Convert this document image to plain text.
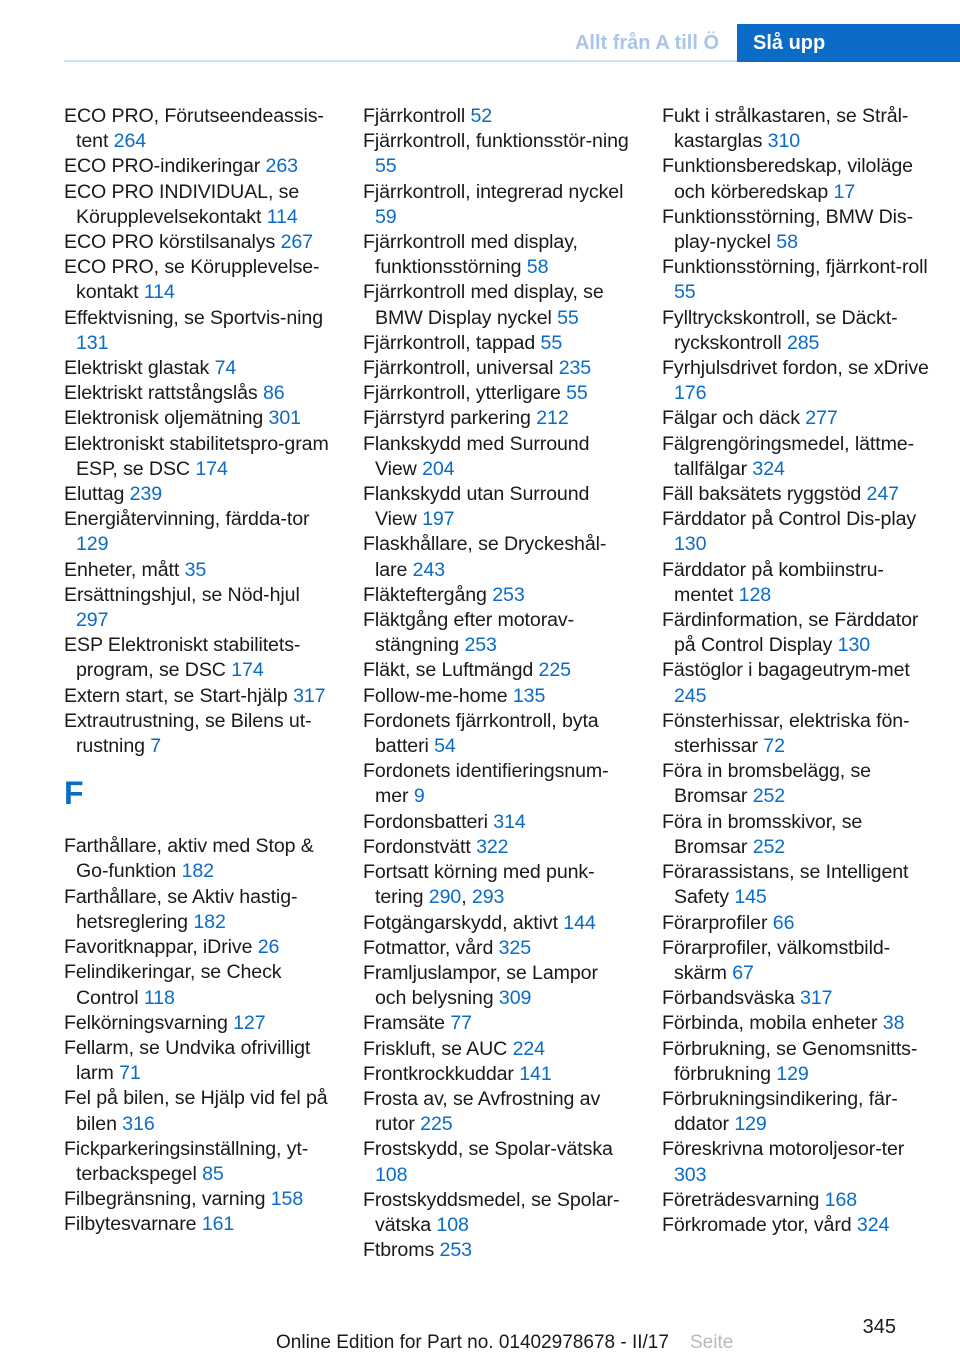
Allt från A till Ö	Slå upp
ECO PRO, Förutseendeassis‐tent 264
ECO PRO-indikeringar 263
ECO PRO INDIVIDUAL, se Körupplevelsekontakt 114
ECO PRO körstilsanalys 267
ECO PRO, se Körupplevelse‐kontakt 114
Effektvisning, se Sportvis‐ning 131
Elektriskt glastak 74
Elektriskt rattstångslås 86
Elektronisk oljemätning 301
Elektroniskt stabilitetspro‐gram ESP, se DSC 174
Eluttag 239
Energiåtervinning, färdda‐tor 129
Enheter, mått 35
Ersättningshjul, se Nöd‐hjul 297
ESP Elektroniskt stabilitets‐program, se DSC 174
Extern start, se Start‐hjälp 317
Extrautrustning, se Bilens ut‐rustning 7
F
Farthållare, aktiv med Stop & Go-funktion 182
Farthållare, se Aktiv hastig‐hetsreglering 182
Favoritknappar, iDrive 26
Felindikeringar, se Check Control 118
Felkörningsvarning 127
Fellarm, se Undvika ofrivilligt larm 71
Fel på bilen, se Hjälp vid fel på bilen 316
Fickparkeringsinställning, yt‐terbackspegel 85
Filbegränsning, varning 158
Filbytesvarnare 161
Fjärrkontroll 52
Fjärrkontroll, funktionsstör‐ning 55
Fjärrkontroll, integrerad nyckel 59
Fjärrkontroll med display, funktionsstörning 58
Fjärrkontroll med display, se BMW Display nyckel 55
Fjärrkontroll, tappad 55
Fjärrkontroll, universal 235
Fjärrkontroll, ytterligare 55
Fjärrstyrd parkering 212
Flankskydd med Surround View 204
Flankskydd utan Surround View 197
Flaskhållare, se Dryckeshål‐lare 243
Fläkteftergång 253
Fläktgång efter motorav‐stängning 253
Fläkt, se Luftmängd 225
Follow-me-home 135
Fordonets fjärrkontroll, byta batteri 54
Fordonets identifieringsnum‐mer 9
Fordonsbatteri 314
Fordonstvätt 322
Fortsatt körning med punk‐tering 290, 293
Fotgängarskydd, aktivt 144
Fotmattor, vård 325
Framljuslampor, se Lampor och belysning 309
Framsäte 77
Friskluft, se AUC 224
Frontkrockkuddar 141
Frosta av, se Avfrostning av rutor 225
Frostskydd, se Spolar‐vätska 108
Frostskyddsmedel, se Spolar‐vätska 108
Ftbroms 253
Fukt i strålkastaren, se Strål‐kastarglas 310
Funktionsberedskap, viloläge och körberedskap 17
Funktionsstörning, BMW Dis‐play-nyckel 58
Funktionsstörning, fjärrkont‐roll 55
Fylltryckskontroll, se Däckt‐ryckskontroll 285
Fyrhjulsdrivet fordon, se xDrive 176
Fälgar och däck 277
Fälgrengöringsmedel, lättme‐tallfälgar 324
Fäll baksätets ryggstöd 247
Färddator på Control Dis‐play 130
Färddator på kombiinstru‐mentet 128
Färdinformation, se Färddator på Control Display 130
Fästöglor i bagageutrym‐met 245
Fönsterhissar, elektriska fön‐sterhissar 72
Föra in bromsbelägg, se Bromsar 252
Föra in bromsskivor, se Bromsar 252
Förarassistans, se Intelligent Safety 145
Förarprofiler 66
Förarprofiler, välkomstbild‐skärm 67
Förbandsväska 317
Förbinda, mobila enheter 38
Förbrukning, se Genomsnitts‐förbrukning 129
Förbrukningsindikering, fär‐ddator 129
Föreskrivna motoroljesor‐ter 303
Företrädesvarning 168
Förkromade ytor, vård 324
345
Online Edition for Part no. 01402978678 - II/17 Seite
